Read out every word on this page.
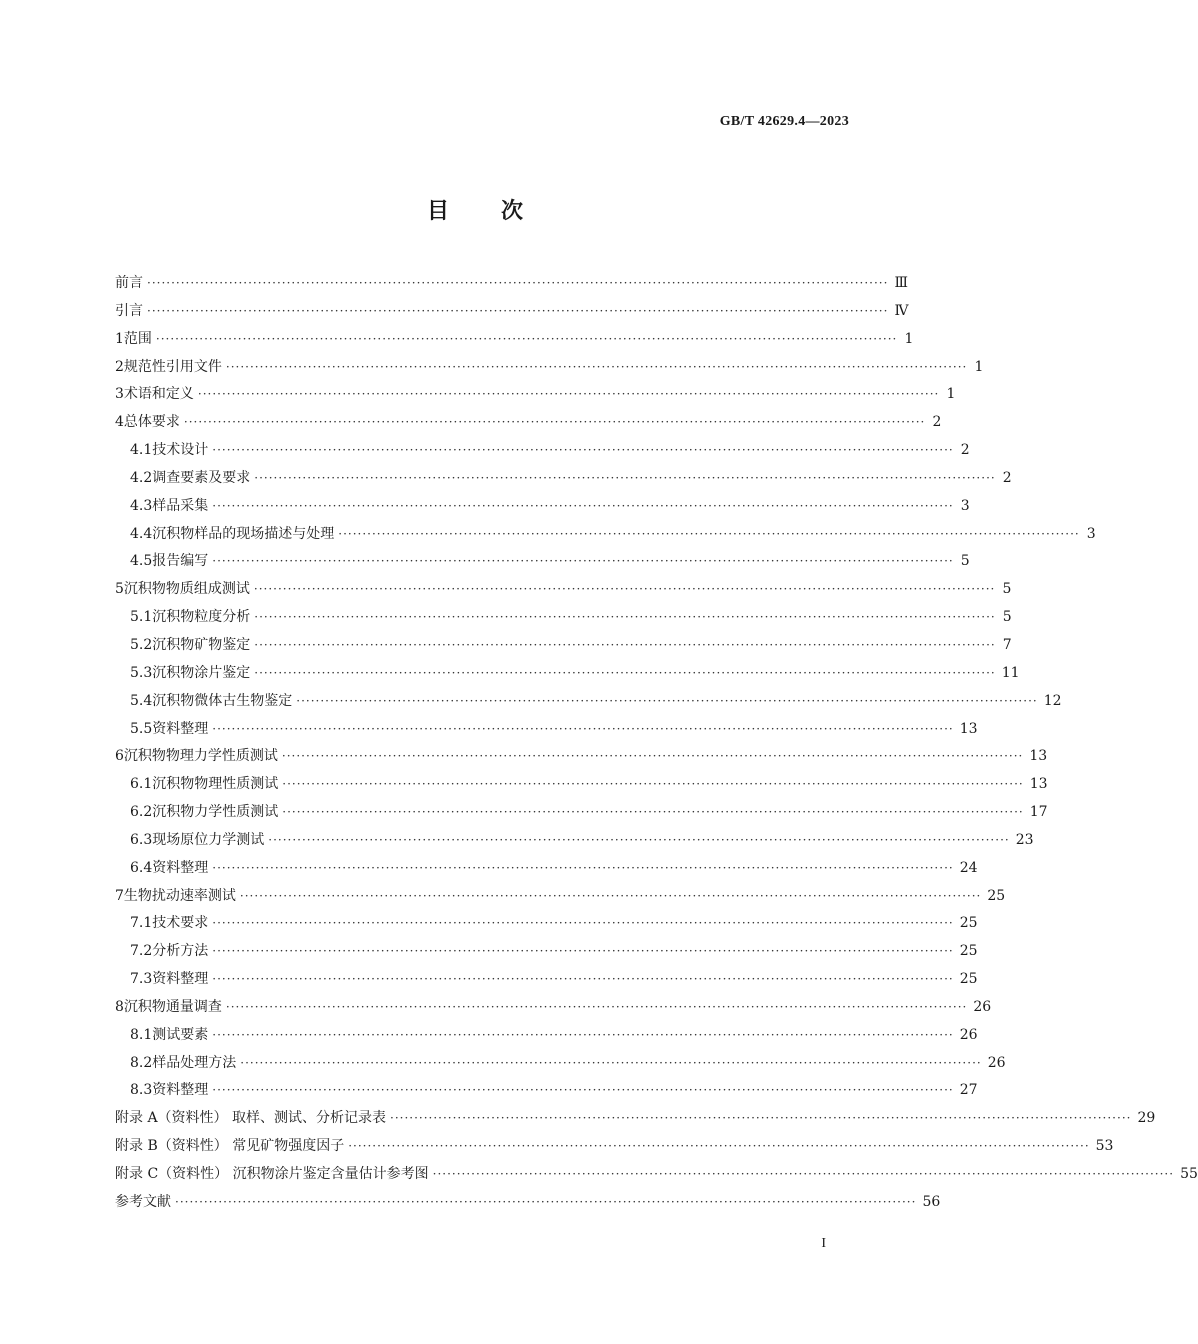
GB/T 42629.4—2023
目 次
前言 ·····	Ⅲ
引言 ·····	Ⅳ
1 范围 ·····	1
2 规范性引用文件 ·····	1
3 术语和定义 ·····	1
4 总体要求 ·····	2
4.1 技术设计 ·····	2
4.2 调查要素及要求 ·····	2
4.3 样品采集 ·····	3
4.4 沉积物样品的现场描述与处理 ·····	3
4.5 报告编写 ·····	5
5 沉积物物质组成测试 ·····	5
5.1 沉积物粒度分析 ·····	5
5.2 沉积物矿物鉴定 ·····	7
5.3 沉积物涂片鉴定 ·····	11
5.4 沉积物微体古生物鉴定 ·····	12
5.5 资料整理 ·····	13
6 沉积物物理力学性质测试 ·····	13
6.1 沉积物物理性质测试 ·····	13
6.2 沉积物力学性质测试 ·····	17
6.3 现场原位力学测试 ·····	23
6.4 资料整理 ·····	24
7 生物扰动速率测试 ·····	25
7.1 技术要求 ·····	25
7.2 分析方法 ·····	25
7.3 资料整理 ·····	25
8 沉积物通量调查 ·····	26
8.1 测试要素 ·····	26
8.2 样品处理方法 ·····	26
8.3 资料整理 ·····	27
附录 A（资料性） 取样、测试、分析记录表 ·····	29
附录 B（资料性） 常见矿物强度因子 ·····	53
附录 C（资料性） 沉积物涂片鉴定含量估计参考图 ·····	55
参考文献 ·····	56
I
